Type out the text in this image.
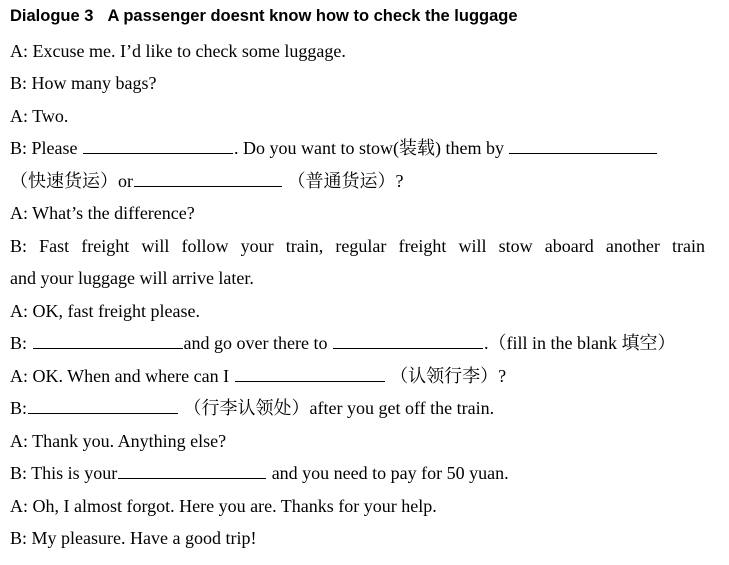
Dialogue 3 A passenger doesnt know how to check the luggage
A: Excuse me. I’d like to check some luggage.
B: How many bags?
A: Two.
B: Please	. Do you want to stow(装载) them by
（快速货运）or	（普通货运）?
A: What’s the difference?
B: Fast freight will follow your train, regular freight will stow aboard another train
and your luggage will arrive later.
A: OK, fast freight please.
B:	and go over there to	.（fill in the blank 填空）
A: OK. When and where can I	（认领行李）?
B:	（行李认领处）after you get off the train.
A: Thank you. Anything else?
B: This is your	and you need to pay for 50 yuan.
A: Oh, I almost forgot. Here you are. Thanks for your help.
B: My pleasure. Have a good trip!
